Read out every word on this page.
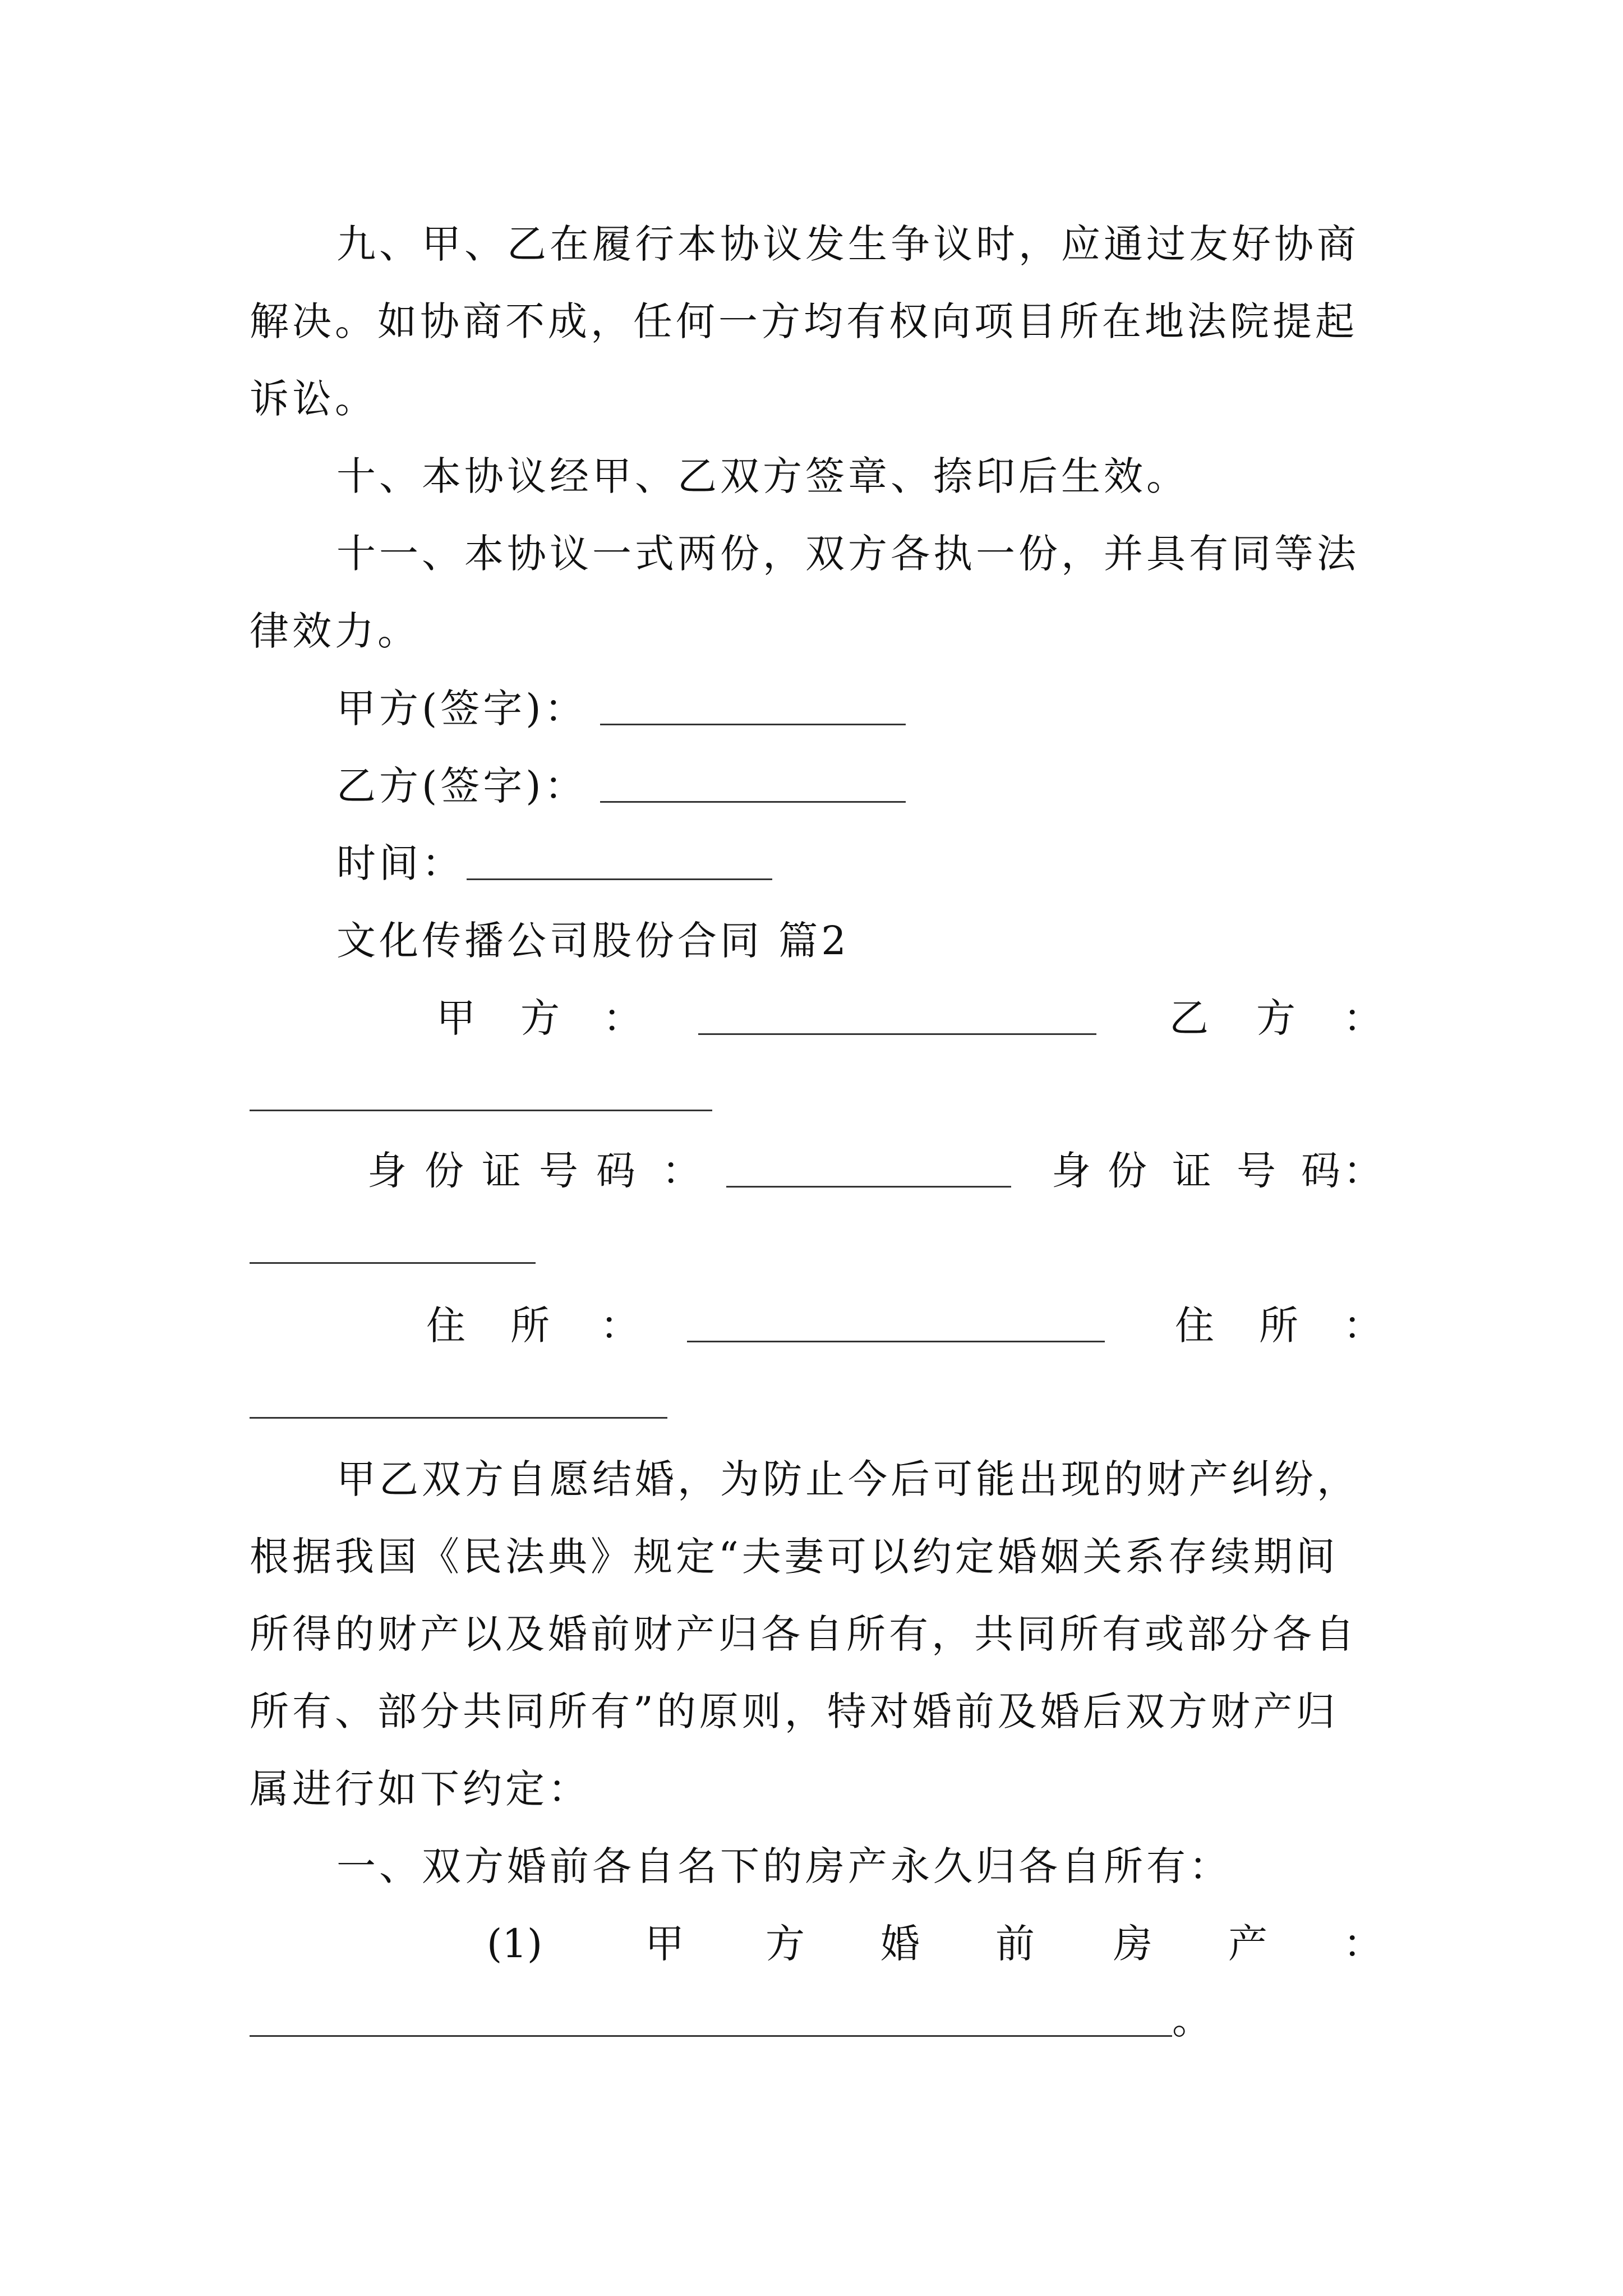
九、甲、乙在履行本协议发生争议时，应通过友好协商
解决。如协商不成，任何一方均有权向项目所在地法院提起
诉讼。
十、本协议经甲、乙双方签章、捺印后生效。
十一、本协议一式两份，双方各执一份，并具有同等法
律效力。
甲方(签字)：
乙方(签字)：
时间：
文化传播公司股份合同 篇2
甲 方 ：	乙 方 ：
身 份 证 号 码 ：	身 份 证 号 码 ：
住 所 ：	住 所 ：
甲乙双方自愿结婚，为防止今后可能出现的财产纠纷，
根据我国《民法典》规定“夫妻可以约定婚姻关系存续期间
所得的财产以及婚前财产归各自所有，共同所有或部分各自
所有、部分共同所有”的原则，特对婚前及婚后双方财产归
属进行如下约定：
一、双方婚前各自名下的房产永久归各自所有：
(1)	甲 方 婚 前 房 产 ：
。
